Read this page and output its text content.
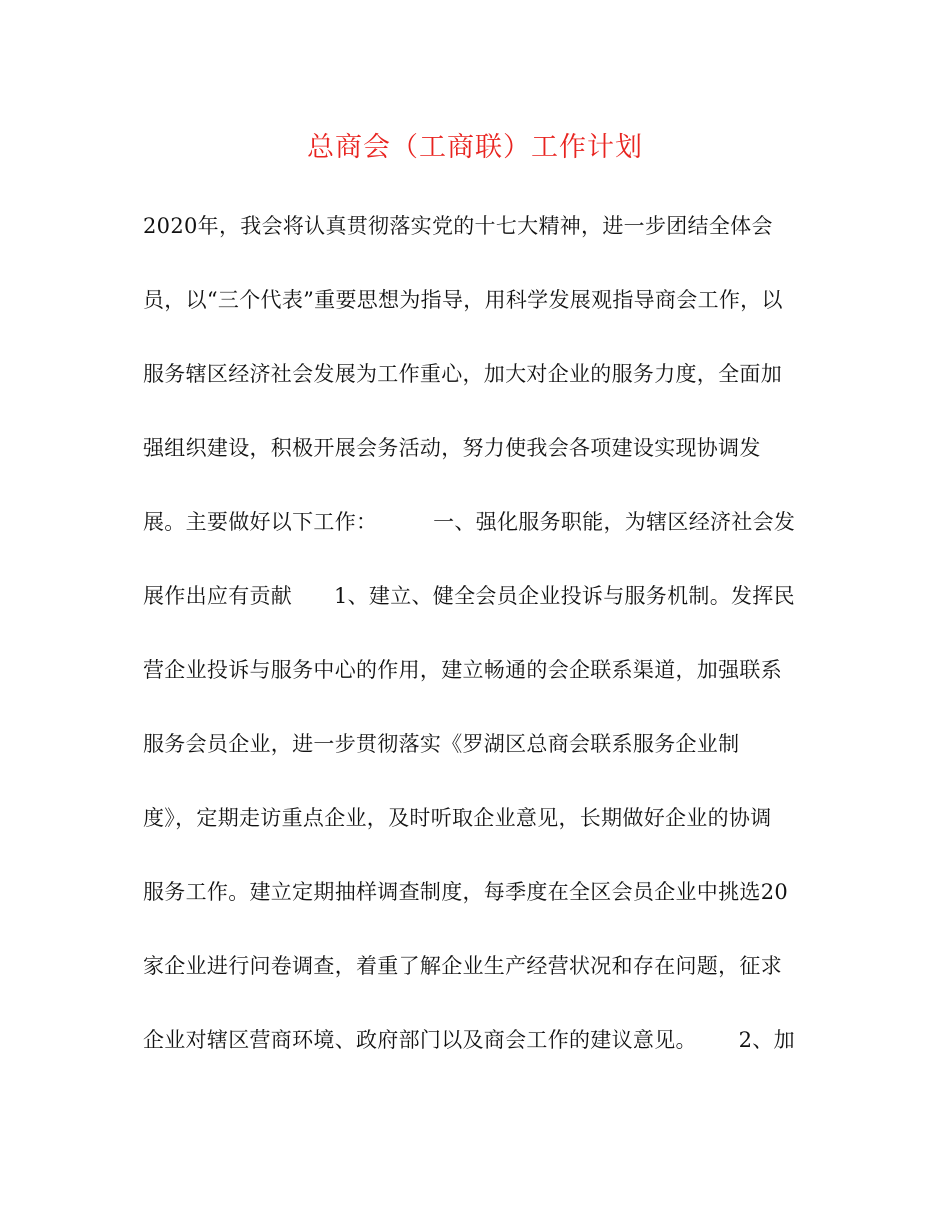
总商会（工商联）工作计划
2020年，我会将认真贯彻落实党的十七大精神，进一步团结全体会
员，以“三个代表”重要思想为指导，用科学发展观指导商会工作，以
服务辖区经济社会发展为工作重心，加大对企业的服务力度，全面加
强组织建设，积极开展会务活动，努力使我会各项建设实现协调发
展。主要做好以下工作：        一、强化服务职能，为辖区经济社会发
展作出应有贡献      1、建立、健全会员企业投诉与服务机制。发挥民
营企业投诉与服务中心的作用，建立畅通的会企联系渠道，加强联系
服务会员企业，进一步贯彻落实《罗湖区总商会联系服务企业制
度》，定期走访重点企业，及时听取企业意见，长期做好企业的协调
服务工作。建立定期抽样调查制度，每季度在全区会员企业中挑选20
家企业进行问卷调查，着重了解企业生产经营状况和存在问题，征求
企业对辖区营商环境、政府部门以及商会工作的建议意见。      2、加
